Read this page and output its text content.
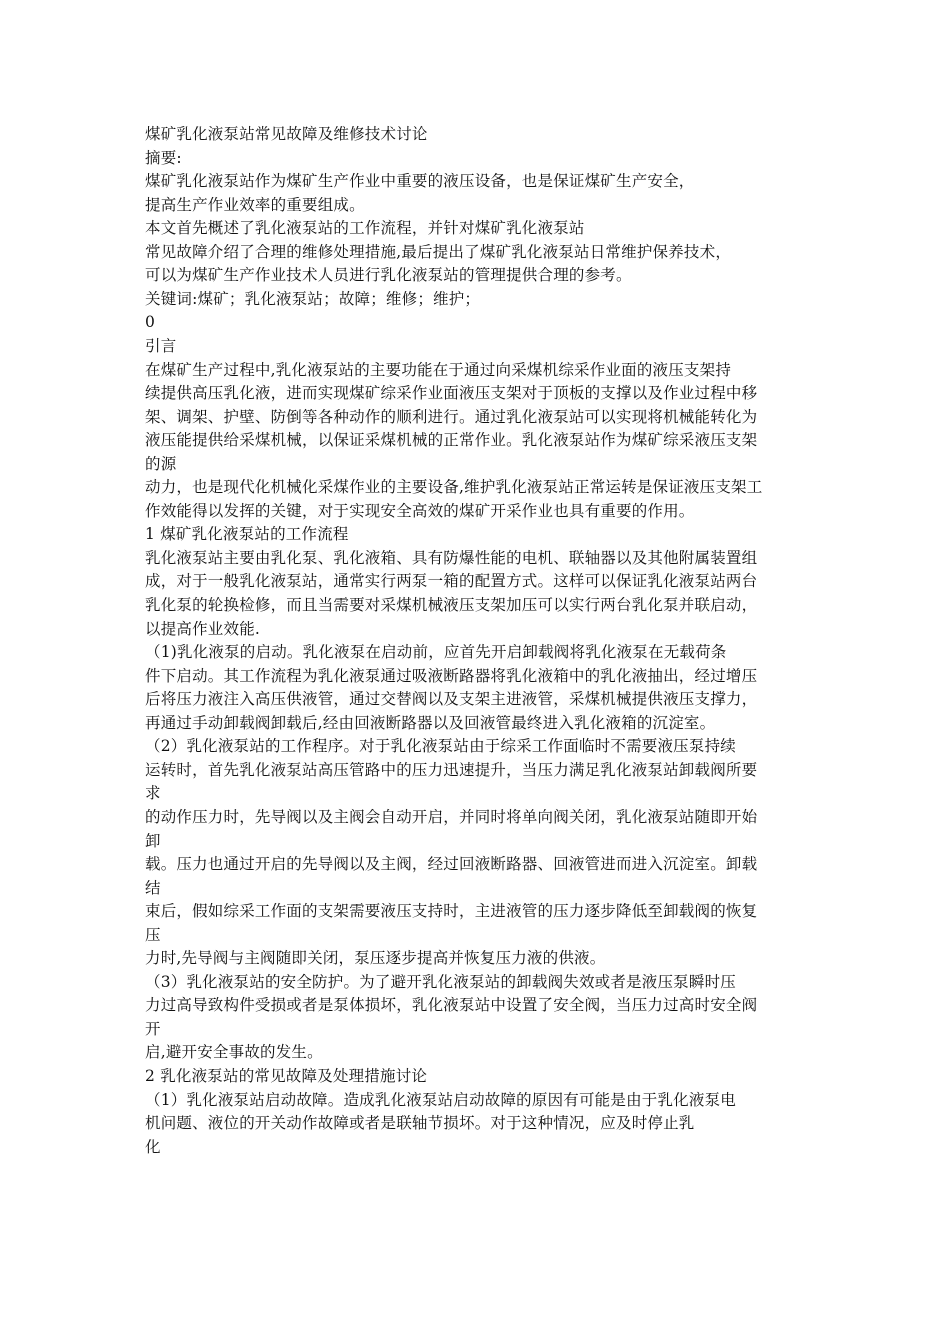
煤矿乳化液泵站常见故障及维修技术讨论

摘要:

煤矿乳化液泵站作为煤矿生产作业中重要的液压设备，也是保证煤矿生产安全，

提高生产作业效率的重要组成。

本文首先概述了乳化液泵站的工作流程，并针对煤矿乳化液泵站

常见故障介绍了合理的维修处理措施,最后提出了煤矿乳化液泵站日常维护保养技术，

可以为煤矿生产作业技术人员进行乳化液泵站的管理提供合理的参考。

关键词:煤矿；乳化液泵站；故障；维修；维护；

0

引言

在煤矿生产过程中,乳化液泵站的主要功能在于通过向采煤机综采作业面的液压支架持

续提供高压乳化液，进而实现煤矿综采作业面液压支架对于顶板的支撑以及作业过程中移

架、调架、护壁、防倒等各种动作的顺利进行。通过乳化液泵站可以实现将机械能转化为

液压能提供给采煤机械，以保证采煤机械的正常作业。乳化液泵站作为煤矿综采液压支架

的源

动力，也是现代化机械化采煤作业的主要设备,维护乳化液泵站正常运转是保证液压支架工

作效能得以发挥的关键，对于实现安全高效的煤矿开采作业也具有重要的作用。

1 煤矿乳化液泵站的工作流程

乳化液泵站主要由乳化泵、乳化液箱、具有防爆性能的电机、联轴器以及其他附属装置组

成，对于一般乳化液泵站，通常实行两泵一箱的配置方式。这样可以保证乳化液泵站两台

乳化泵的轮换检修，而且当需要对采煤机械液压支架加压可以实行两台乳化泵并联启动，

以提高作业效能.

（1)乳化液泵的启动。乳化液泵在启动前，应首先开启卸载阀将乳化液泵在无载荷条

件下启动。其工作流程为乳化液泵通过吸液断路器将乳化液箱中的乳化液抽出，经过增压

后将压力液注入高压供液管，通过交替阀以及支架主进液管，采煤机械提供液压支撑力，

再通过手动卸载阀卸载后,经由回液断路器以及回液管最终进入乳化液箱的沉淀室。

（2）乳化液泵站的工作程序。对于乳化液泵站由于综采工作面临时不需要液压泵持续

运转时，首先乳化液泵站高压管路中的压力迅速提升，当压力满足乳化液泵站卸载阀所要

求

的动作压力时，先导阀以及主阀会自动开启，并同时将单向阀关闭，乳化液泵站随即开始

卸

载。压力也通过开启的先导阀以及主阀，经过回液断路器、回液管进而进入沉淀室。卸载

结

束后，假如综采工作面的支架需要液压支持时，主进液管的压力逐步降低至卸载阀的恢复

压

力时,先导阀与主阀随即关闭，泵压逐步提高并恢复压力液的供液。

（3）乳化液泵站的安全防护。为了避开乳化液泵站的卸载阀失效或者是液压泵瞬时压

力过高导致构件受损或者是泵体损坏，乳化液泵站中设置了安全阀，当压力过高时安全阀

开

启,避开安全事故的发生。

2 乳化液泵站的常见故障及处理措施讨论

（1）乳化液泵站启动故障。造成乳化液泵站启动故障的原因有可能是由于乳化液泵电

机问题、液位的开关动作故障或者是联轴节损坏。对于这种情况，应及时停止乳

化
